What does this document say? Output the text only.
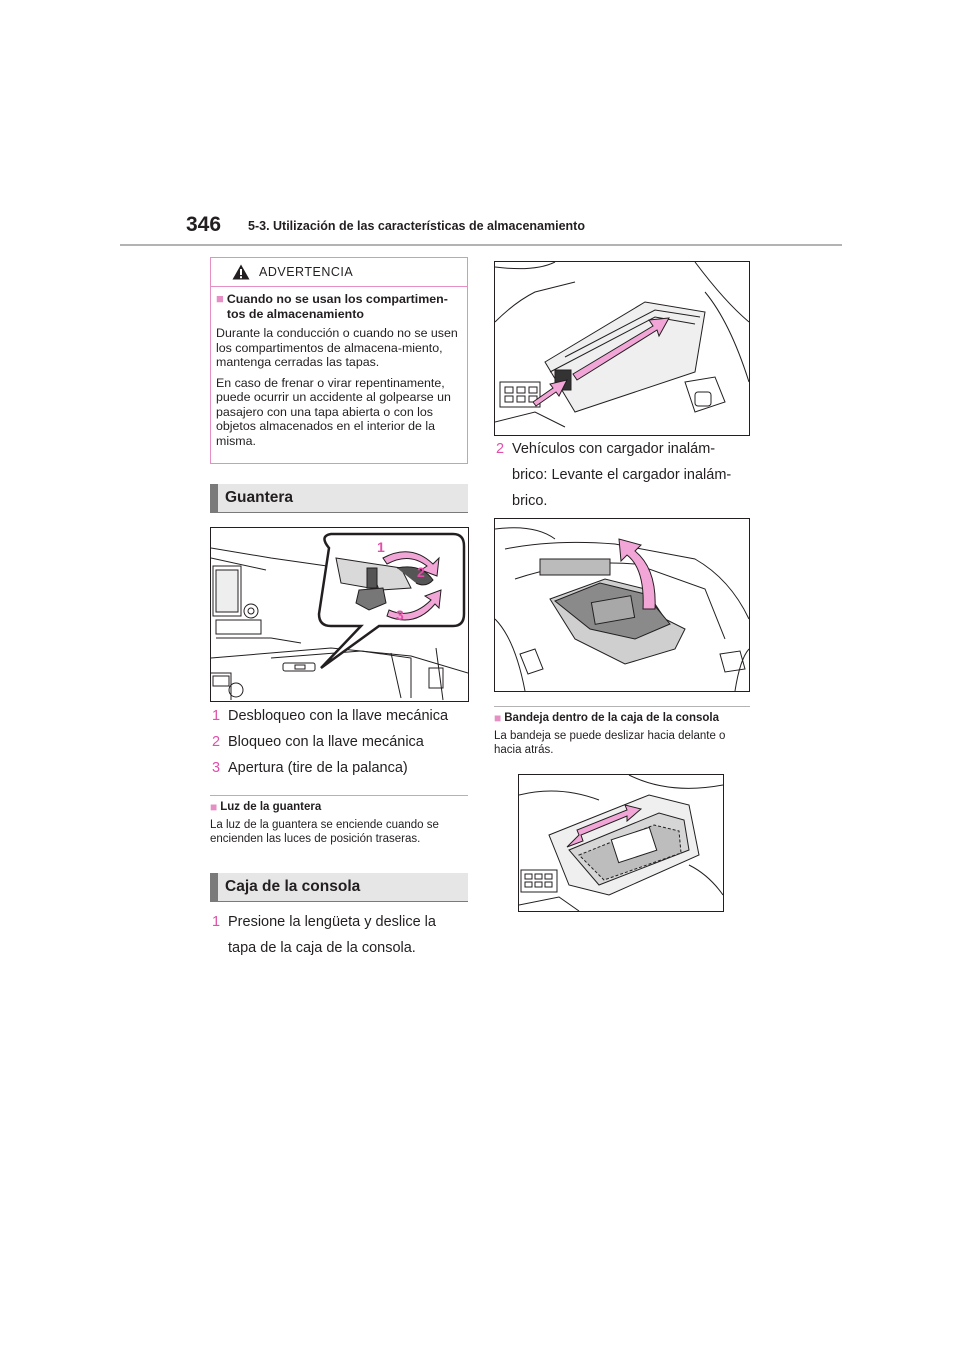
346 5-3. Utilización de las características de almacenamiento
ADVERTENCIA
■ Cuando no se usan los compartimen-
tos de almacenamiento

Durante la conducción o cuando no se usen los compartimentos de almacena-miento, mantenga cerradas las tapas.

En caso de frenar o virar repentinamente, puede ocurrir un accidente al golpearse un pasajero con una tapa abierta o con los objetos almacenados en el interior de la misma.

Guantera
1
2
3
1 Desbloqueo con la llave mecánica
2 Bloqueo con la llave mecánica
3 Apertura (tire de la palanca)
■ Luz de la guantera
La luz de la guantera se enciende cuando se encienden las luces de posición traseras.
Caja de la consola
1 Presione la lengüeta y deslice la
tapa de la caja de la consola.
2 Vehículos con cargador inalám-
brico: Levante el cargador inalám-
brico.
■ Bandeja dentro de la caja de la consola
La bandeja se puede deslizar hacia delante o hacia atrás.
